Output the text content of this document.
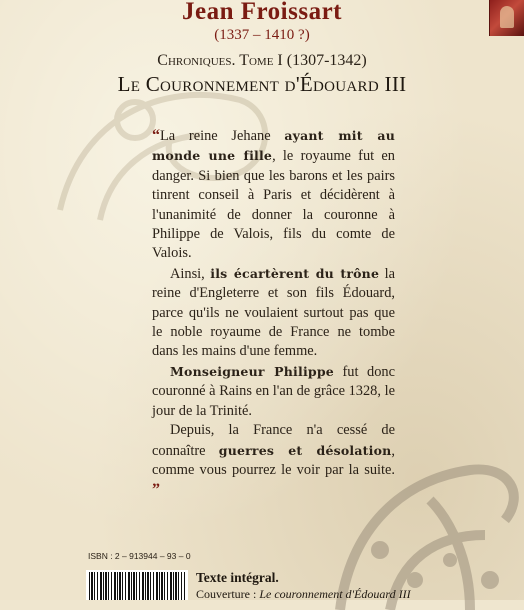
Jean Froissart
(1337 – 1410 ?)
Chroniques. Tome I (1307-1342)
Le Couronnement d'Édouard III

“La reine Jehane ayant mit au monde une fille, le royaume fut en danger. Si bien que les barons et les pairs tinrent conseil à Paris et décidèrent à l'unanimité de donner la couronne à Philippe de Valois, fils du comte de Valois.

Ainsi, ils écartèrent du trône la reine d'Engleterre et son fils Édouard, parce qu'ils ne voulaient surtout pas que le noble royaume de France ne tombe dans les mains d'une femme.

Monseigneur Philippe fut donc couronné à Rains en l'an de grâce 1328, le jour de la Trinité.

Depuis, la France n'a cessé de connaître guerres et désolation, comme vous pourrez le voir par la suite. ”

ISBN : 2 – 913944 – 93 – 0
Texte intégral.
Couverture : Le couronnement d'Édouard III
